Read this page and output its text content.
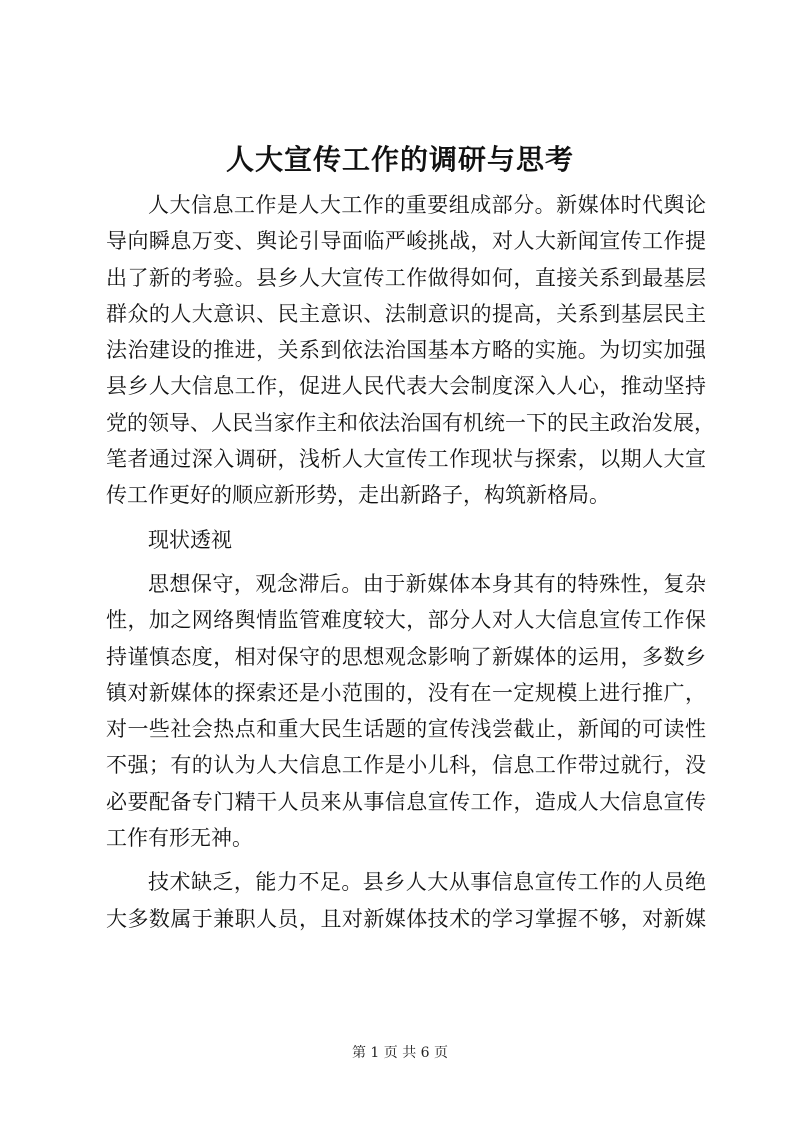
人大宣传工作的调研与思考
人大信息工作是人大工作的重要组成部分。新媒体时代舆论
导向瞬息万变、舆论引导面临严峻挑战，对人大新闻宣传工作提
出了新的考验。县乡人大宣传工作做得如何，直接关系到最基层
群众的人大意识、民主意识、法制意识的提高，关系到基层民主
法治建设的推进，关系到依法治国基本方略的实施。为切实加强
县乡人大信息工作，促进人民代表大会制度深入人心，推动坚持
党的领导、人民当家作主和依法治国有机统一下的民主政治发展，
笔者通过深入调研，浅析人大宣传工作现状与探索，以期人大宣
传工作更好的顺应新形势，走出新路子，构筑新格局。
现状透视
思想保守，观念滞后。由于新媒体本身其有的特殊性，复杂
性，加之网络舆情监管难度较大，部分人对人大信息宣传工作保
持谨慎态度，相对保守的思想观念影响了新媒体的运用，多数乡
镇对新媒体的探索还是小范围的，没有在一定规模上进行推广，
对一些社会热点和重大民生话题的宣传浅尝截止，新闻的可读性
不强；有的认为人大信息工作是小儿科，信息工作带过就行，没
必要配备专门精干人员来从事信息宣传工作，造成人大信息宣传
工作有形无神。
技术缺乏，能力不足。县乡人大从事信息宣传工作的人员绝
大多数属于兼职人员，且对新媒体技术的学习掌握不够，对新媒
第 1 页 共 6 页
